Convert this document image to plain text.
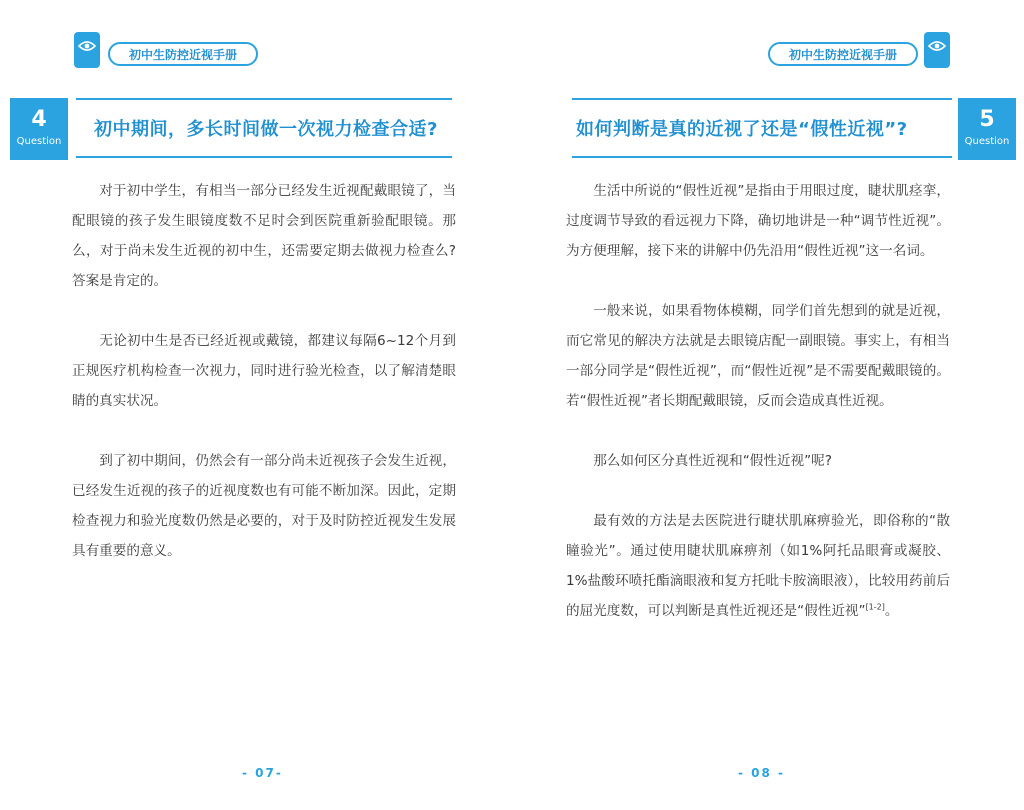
初中生防控近视手册
4
Question
初中期间，多长时间做一次视力检查合适?

对于初中学生，有相当一部分已经发生近视配戴眼镜了，当配眼镜的孩子发生眼镜度数不足时会到医院重新验配眼镜。那么，对于尚未发生近视的初中生，还需要定期去做视力检查么? 答案是肯定的。

无论初中生是否已经近视或戴镜，都建议每隔6~12个月到正规医疗机构检查一次视力，同时进行验光检查，以了解清楚眼睛的真实状况。

到了初中期间，仍然会有一部分尚未近视孩子会发生近视，已经发生近视的孩子的近视度数也有可能不断加深。因此，定期检查视力和验光度数仍然是必要的，对于及时防控近视发生发展具有重要的意义。

- 07-
初中生防控近视手册
如何判断是真的近视了还是“假性近视”?	5
Question
- 08 -

生活中所说的“假性近视”是指由于用眼过度，睫状肌痉挛，过度调节导致的看远视力下降，确切地讲是一种“调节性近视”。为方便理解，接下来的讲解中仍先沿用“假性近视”这一名词。

一般来说，如果看物体模糊，同学们首先想到的就是近视，而它常见的解决方法就是去眼镜店配一副眼镜。事实上，有相当一部分同学是“假性近视”，而“假性近视”是不需要配戴眼镜的。若“假性近视”者长期配戴眼镜，反而会造成真性近视。

那么如何区分真性近视和“假性近视”呢?

最有效的方法是去医院进行睫状肌麻痹验光，即俗称的“散瞳验光”。通过使用睫状肌麻痹剂（如1%阿托品眼膏或凝胶、1%盐酸环喷托酯滴眼液和复方托吡卡胺滴眼液），比较用药前后的屈光度数，可以判断是真性近视还是“假性近视”[1-2]。
